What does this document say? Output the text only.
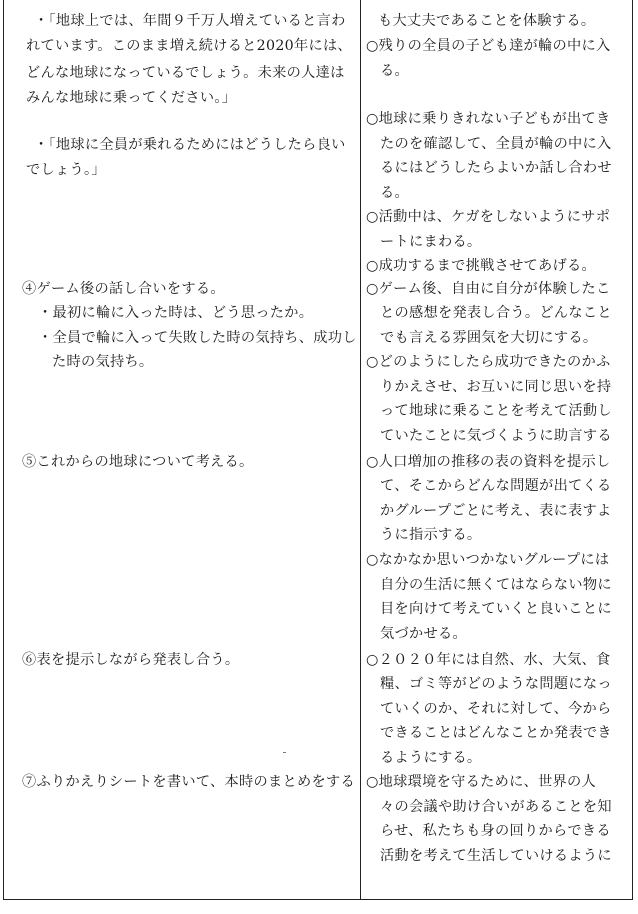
・「地球上では、年間９千万人増えていると言わ
れています。このまま増え続けると2020年には、
どんな地球になっているでしょう。未来の人達は
みんな地球に乗ってください。」
・「地球に全員が乗れるためにはどうしたら良い
でしょう。」
④ゲーム後の話し合いをする。
・最初に輪に入った時は、どう思ったか。
・全員で輪に入って失敗した時の気持ち、成功し
た時の気持ち。
⑤これからの地球について考える。
⑥表を提示しながら発表し合う。
⑦ふりかえりシートを書いて、本時のまとめをする
も大丈夫であることを体験する。
○残りの全員の子ども達が輪の中に入
る。
○地球に乗りきれない子どもが出てき
たのを確認して、全員が輪の中に入
るにはどうしたらよいか話し合わせ
る。
○活動中は、ケガをしないようにサポ
ートにまわる。
○成功するまで挑戦させてあげる。
○ゲーム後、自由に自分が体験したこ
との感想を発表し合う。どんなこと
でも言える雰囲気を大切にする。
○どのようにしたら成功できたのかふ
りかえさせ、お互いに同じ思いを持
って地球に乗ることを考えて活動し
ていたことに気づくように助言する
○人口増加の推移の表の資料を提示し
て、そこからどんな問題が出てくる
かグループごとに考え、表に表すよ
うに指示する。
○なかなか思いつかないグループには
自分の生活に無くてはならない物に
目を向けて考えていくと良いことに
気づかせる。
○２０２０年には自然、水、大気、食
糧、ゴミ等がどのような問題になっ
ていくのか、それに対して、今から
できることはどんなことか発表でき
るようにする。
○地球環境を守るために、世界の人
々の会議や助け合いがあることを知
らせ、私たちも身の回りからできる
活動を考えて生活していけるように
